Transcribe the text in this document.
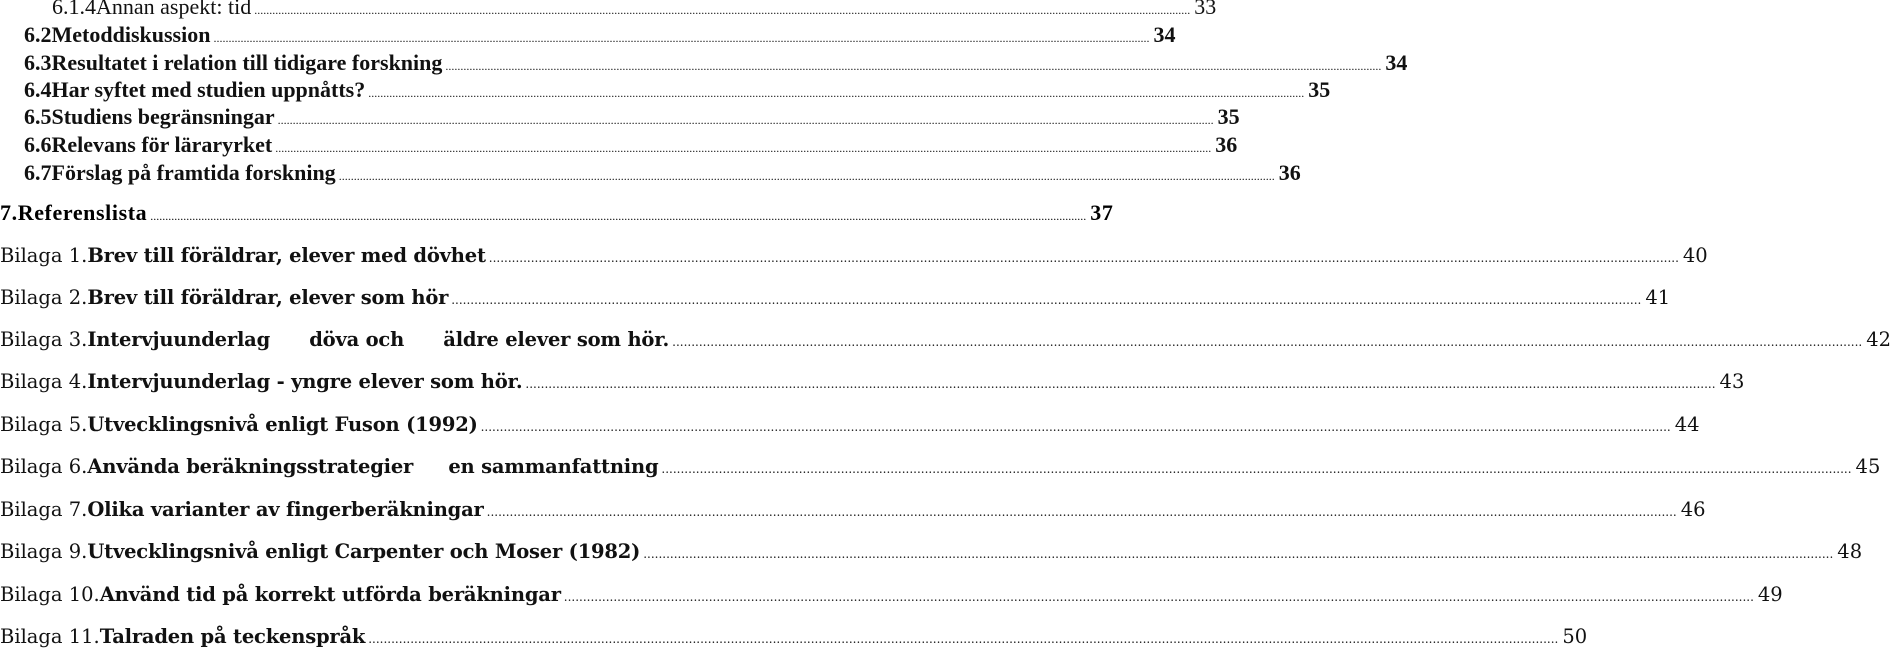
6.1.4 Annan aspekt: tid ........................................................................................................................................................................................................................................................................................................................ 33
6.2 Metoddiskussion ........................................................................................................................................................................................................................................................................................................................ 34
6.3 Resultatet i relation till tidigare forskning ........................................................................................................................................................................................................................................................................................................................ 34
6.4 Har syftet med studien uppnåtts? ........................................................................................................................................................................................................................................................................................................................ 35
6.5 Studiens begränsningar ........................................................................................................................................................................................................................................................................................................................ 35
6.6 Relevans för läraryrket ........................................................................................................................................................................................................................................................................................................................ 36
6.7 Förslag på framtida forskning ........................................................................................................................................................................................................................................................................................................................ 36
7. Referenslista ........................................................................................................................................................................................................................................................................................................................ 37
Bilaga 1. Brev till föräldrar, elever med dövhet ........................................................................................................................................................................................................................................................................................................................ 40
Bilaga 2. Brev till föräldrar, elever som hör ........................................................................................................................................................................................................................................................................................................................ 41
Bilaga 3. Intervjuunderlag döva och äldre elever som hör. ........................................................................................................................................................................................................................................................................................................................ 42
Bilaga 4. Intervjuunderlag - yngre elever som hör. ........................................................................................................................................................................................................................................................................................................................ 43
Bilaga 5. Utvecklingsnivå enligt Fuson (1992) ........................................................................................................................................................................................................................................................................................................................ 44
Bilaga 6. Använda beräkningsstrategier en sammanfattning ........................................................................................................................................................................................................................................................................................................................ 45
Bilaga 7. Olika varianter av fingerberäkningar ........................................................................................................................................................................................................................................................................................................................ 46
Bilaga 9. Utvecklingsnivå enligt Carpenter och Moser (1982) ........................................................................................................................................................................................................................................................................................................................ 48
Bilaga 10. Använd tid på korrekt utförda beräkningar ........................................................................................................................................................................................................................................................................................................................ 49
Bilaga 11. Talraden på teckenspråk ........................................................................................................................................................................................................................................................................................................................ 50
